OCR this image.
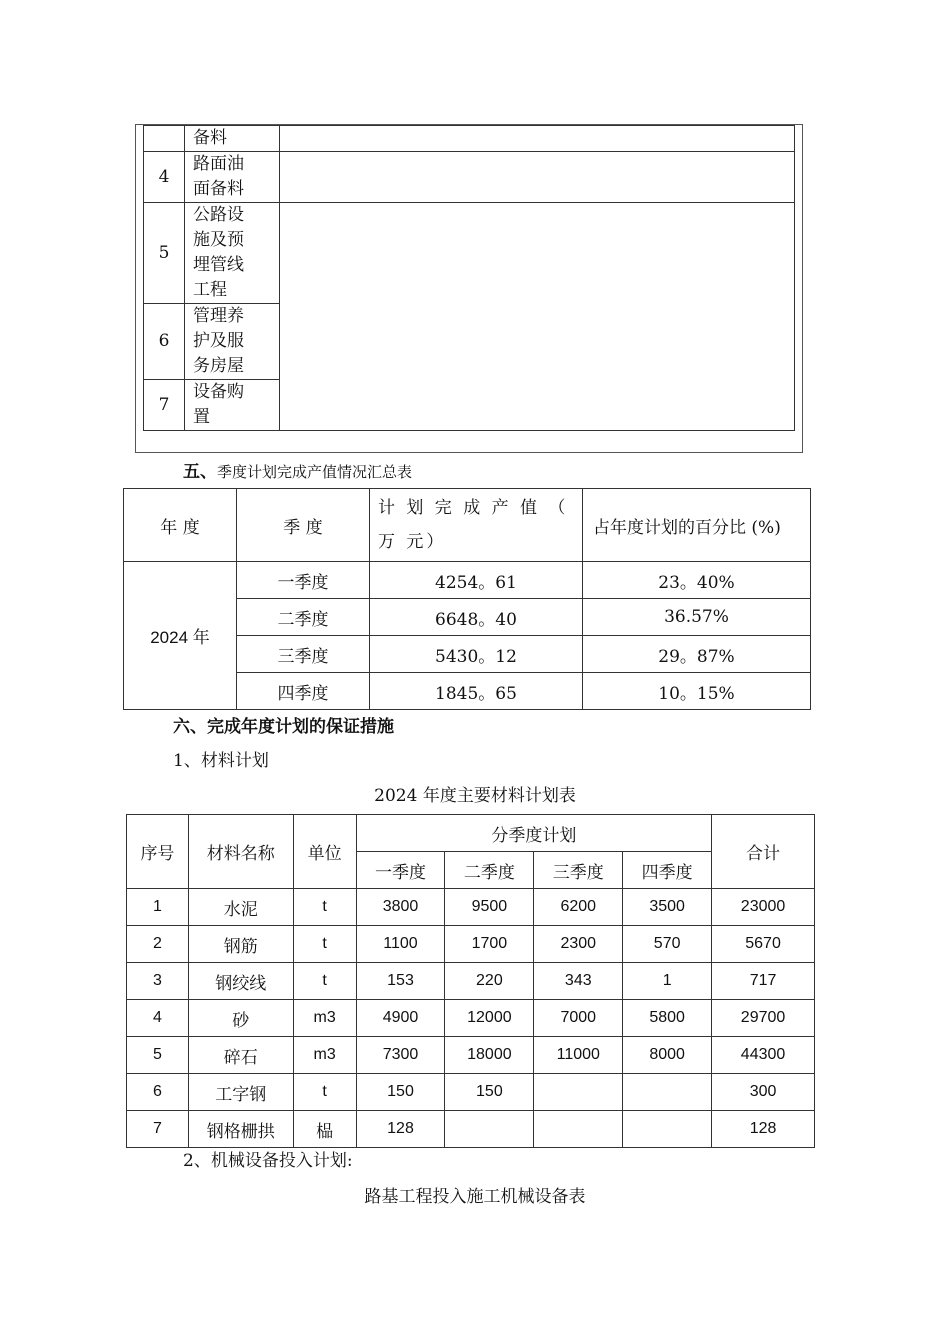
	备料	

4	路面油
面备料	

5	公路设
施及预
埋管线
工程	

6	管理养
护及服
务房屋	

7	设备购
置	
五、季度计划完成产值情况汇总表
年 度	季 度	计 划 完 成 产 值 （ 万 元）	占年度计划的百分比 (%)
2024 年	一季度	4254。61	23。40%
	二季度	6648。40	36.57%
	三季度	5430。12	29。87%
	四季度	1845。65	10。15%
六、完成年度计划的保证措施
1、材料计划
2024 年度主要材料计划表
序号	材料名称	单位	分季度计划				合计
			一季度	二季度	三季度	四季度	
1	水泥	t	3800	9500	6200	3500	23000
2	钢筋	t	1100	1700	2300	570	5670
3	钢绞线	t	153	220	343	1	717
4	砂	m3	4900	12000	7000	5800	29700
5	碎石	m3	7300	18000	11000	8000	44300
6	工字钢	t	150	150			300
7	钢格栅拱	榀	128				128
2、机械设备投入计划:
路基工程投入施工机械设备表
